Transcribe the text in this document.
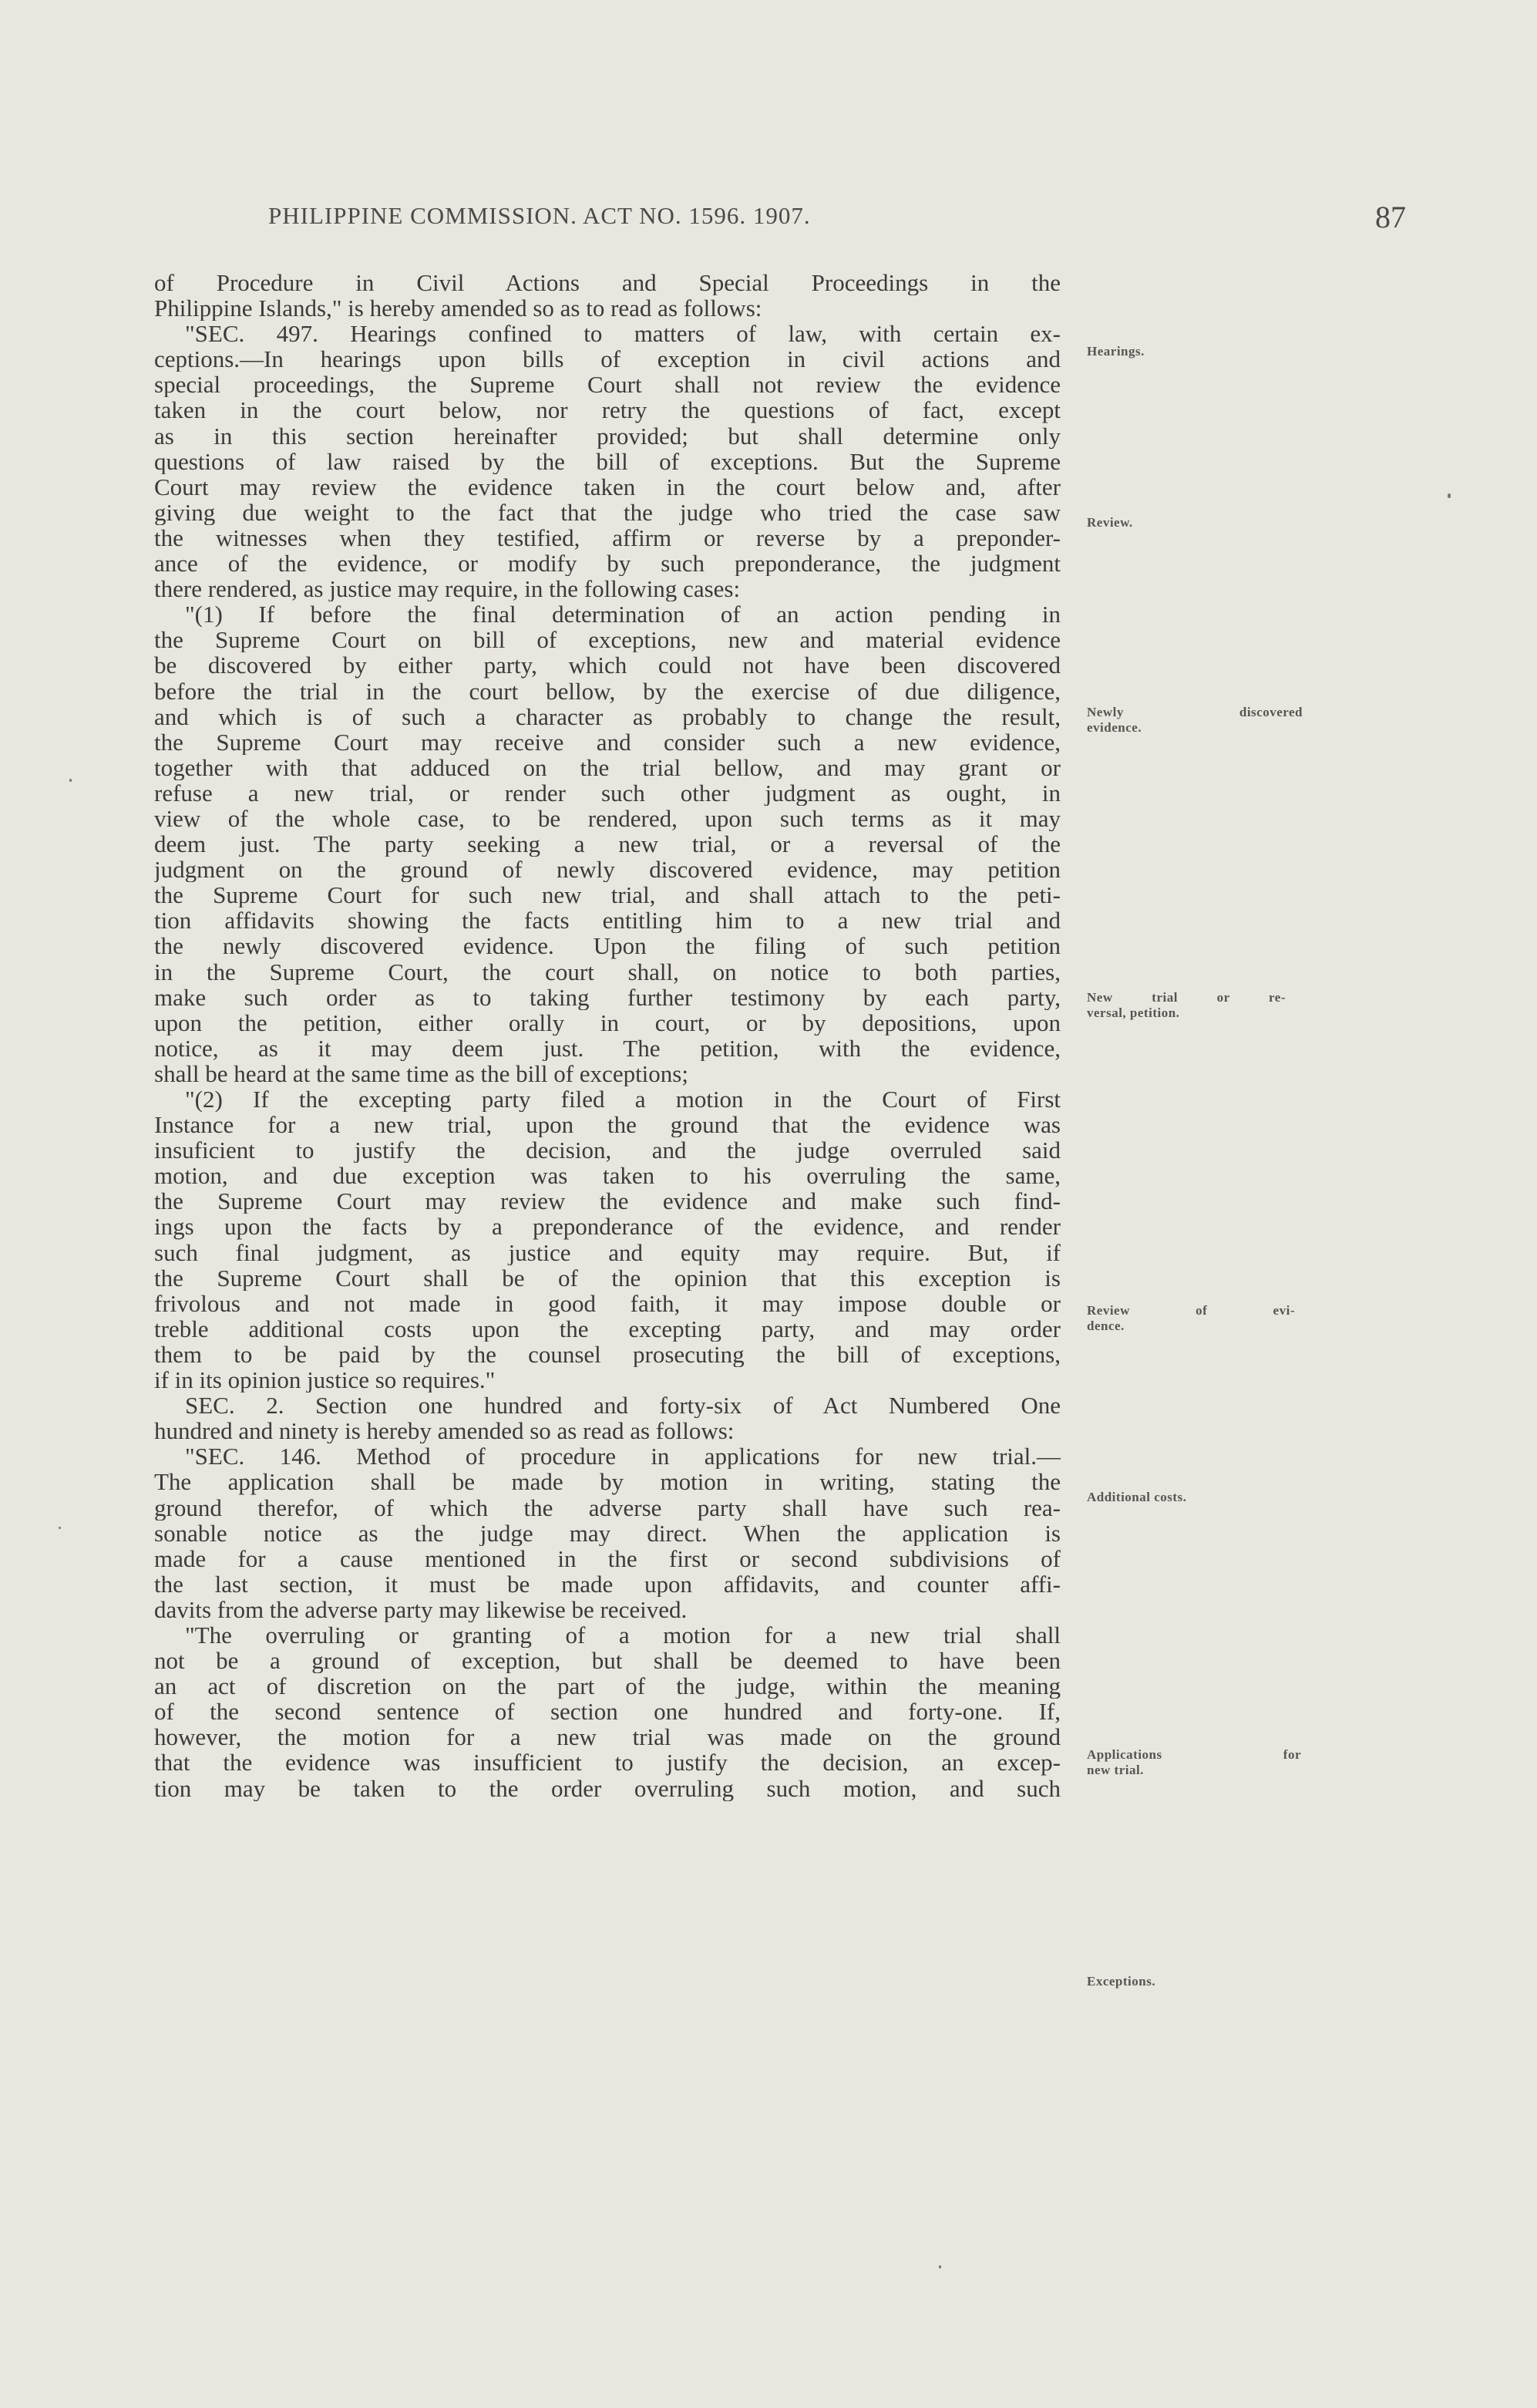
PHILIPPINE COMMISSION. ACT NO. 1596. 1907.	87
of Procedure in Civil Actions and Special Proceedings in the
Philippine Islands," is hereby amended so as to read as follows:
"SEC. 497. Hearings confined to matters of law, with certain ex-
ceptions.—In hearings upon bills of exception in civil actions and
special proceedings, the Supreme Court shall not review the evidence
taken in the court below, nor retry the questions of fact, except
as in this section hereinafter provided; but shall determine only
questions of law raised by the bill of exceptions. But the Supreme
Court may review the evidence taken in the court below and, after
giving due weight to the fact that the judge who tried the case saw
the witnesses when they testified, affirm or reverse by a preponder-
ance of the evidence, or modify by such preponderance, the judgment
there rendered, as justice may require, in the following cases:
"(1) If before the final determination of an action pending in
the Supreme Court on bill of exceptions, new and material evidence
be discovered by either party, which could not have been discovered
before the trial in the court bellow, by the exercise of due diligence,
and which is of such a character as probably to change the result,
the Supreme Court may receive and consider such a new evidence,
together with that adduced on the trial bellow, and may grant or
refuse a new trial, or render such other judgment as ought, in
view of the whole case, to be rendered, upon such terms as it may
deem just. The party seeking a new trial, or a reversal of the
judgment on the ground of newly discovered evidence, may petition
the Supreme Court for such new trial, and shall attach to the peti-
tion affidavits showing the facts entitling him to a new trial and
the newly discovered evidence. Upon the filing of such petition
in the Supreme Court, the court shall, on notice to both parties,
make such order as to taking further testimony by each party,
upon the petition, either orally in court, or by depositions, upon
notice, as it may deem just. The petition, with the evidence,
shall be heard at the same time as the bill of exceptions;
"(2) If the excepting party filed a motion in the Court of First
Instance for a new trial, upon the ground that the evidence was
insuficient to justify the decision, and the judge overruled said
motion, and due exception was taken to his overruling the same,
the Supreme Court may review the evidence and make such find-
ings upon the facts by a preponderance of the evidence, and render
such final judgment, as justice and equity may require. But, if
the Supreme Court shall be of the opinion that this exception is
frivolous and not made in good faith, it may impose double or
treble additional costs upon the excepting party, and may order
them to be paid by the counsel prosecuting the bill of exceptions,
if in its opinion justice so requires."
SEC. 2. Section one hundred and forty-six of Act Numbered One
hundred and ninety is hereby amended so as read as follows:
"SEC. 146. Method of procedure in applications for new trial.—
The application shall be made by motion in writing, stating the
ground therefor, of which the adverse party shall have such rea-
sonable notice as the judge may direct. When the application is
made for a cause mentioned in the first or second subdivisions of
the last section, it must be made upon affidavits, and counter affi-
davits from the adverse party may likewise be received.
"The overruling or granting of a motion for a new trial shall
not be a ground of exception, but shall be deemed to have been
an act of discretion on the part of the judge, within the meaning
of the second sentence of section one hundred and forty-one. If,
however, the motion for a new trial was made on the ground
that the evidence was insufficient to justify the decision, an excep-
tion may be taken to the order overruling such motion, and such
Hearings.
Review.
Newly discovered
evidence.
New trial or re-
versal, petition.
Review of evi-
dence.
Additional costs.
Applications for
new trial.
Exceptions.
